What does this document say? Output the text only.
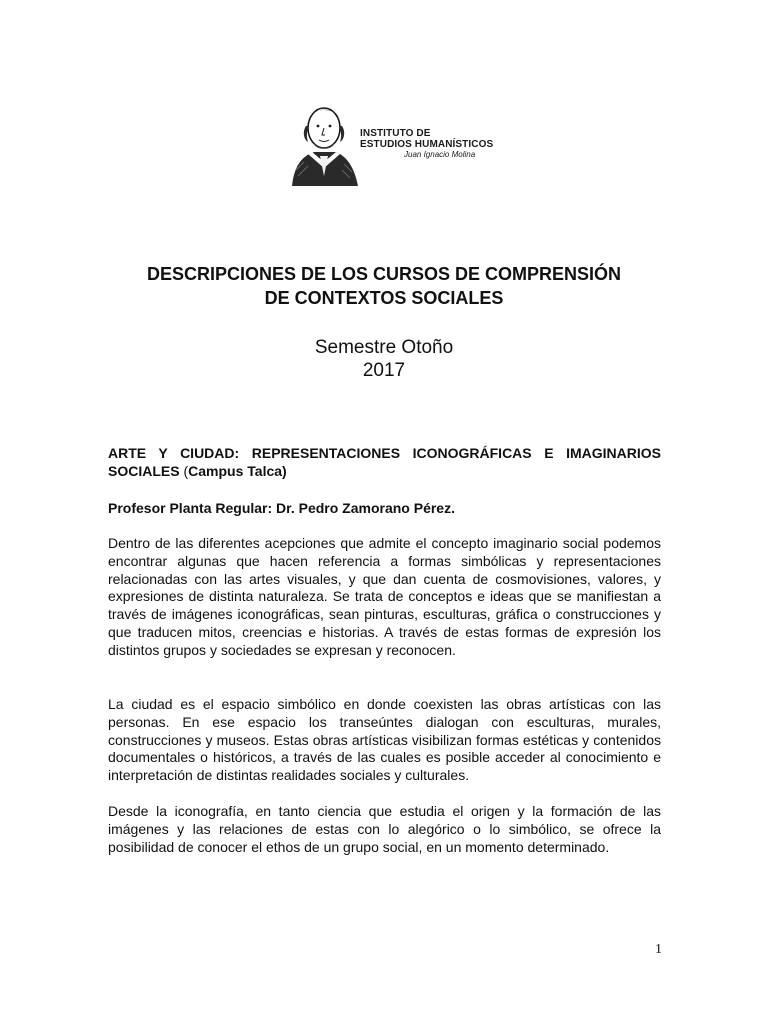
INSTITUTO DE
ESTUDIOS HUMANÍSTICOS
Juan Ignacio Molina
DESCRIPCIONES DE LOS CURSOS DE COMPRENSIÓN
DE CONTEXTOS SOCIALES
Semestre Otoño
2017
ARTE Y CIUDAD: REPRESENTACIONES ICONOGRÁFICAS E IMAGINARIOS SOCIALES (Campus Talca)
Profesor Planta Regular: Dr. Pedro Zamorano Pérez.
Dentro de las diferentes acepciones que admite el concepto imaginario social podemos encontrar algunas que hacen referencia a formas simbólicas y representaciones relacionadas con las artes visuales, y que dan cuenta de cosmovisiones, valores, y expresiones de distinta naturaleza. Se trata de conceptos e ideas que se manifiestan a través de imágenes iconográficas, sean pinturas, esculturas, gráfica o construcciones y que traducen mitos, creencias e historias. A través de estas formas de expresión los distintos grupos y sociedades se expresan y reconocen.
La ciudad es el espacio simbólico en donde coexisten las obras artísticas con las personas. En ese espacio los transeúntes dialogan con esculturas, murales, construcciones y museos. Estas obras artísticas visibilizan formas estéticas y contenidos documentales o históricos, a través de las cuales es posible acceder al conocimiento e interpretación de distintas realidades sociales y culturales.
Desde la iconografía, en tanto ciencia que estudia el origen y la formación de las imágenes y las relaciones de estas con lo alegórico o lo simbólico, se ofrece la posibilidad de conocer el ethos de un grupo social, en un momento determinado.
1
